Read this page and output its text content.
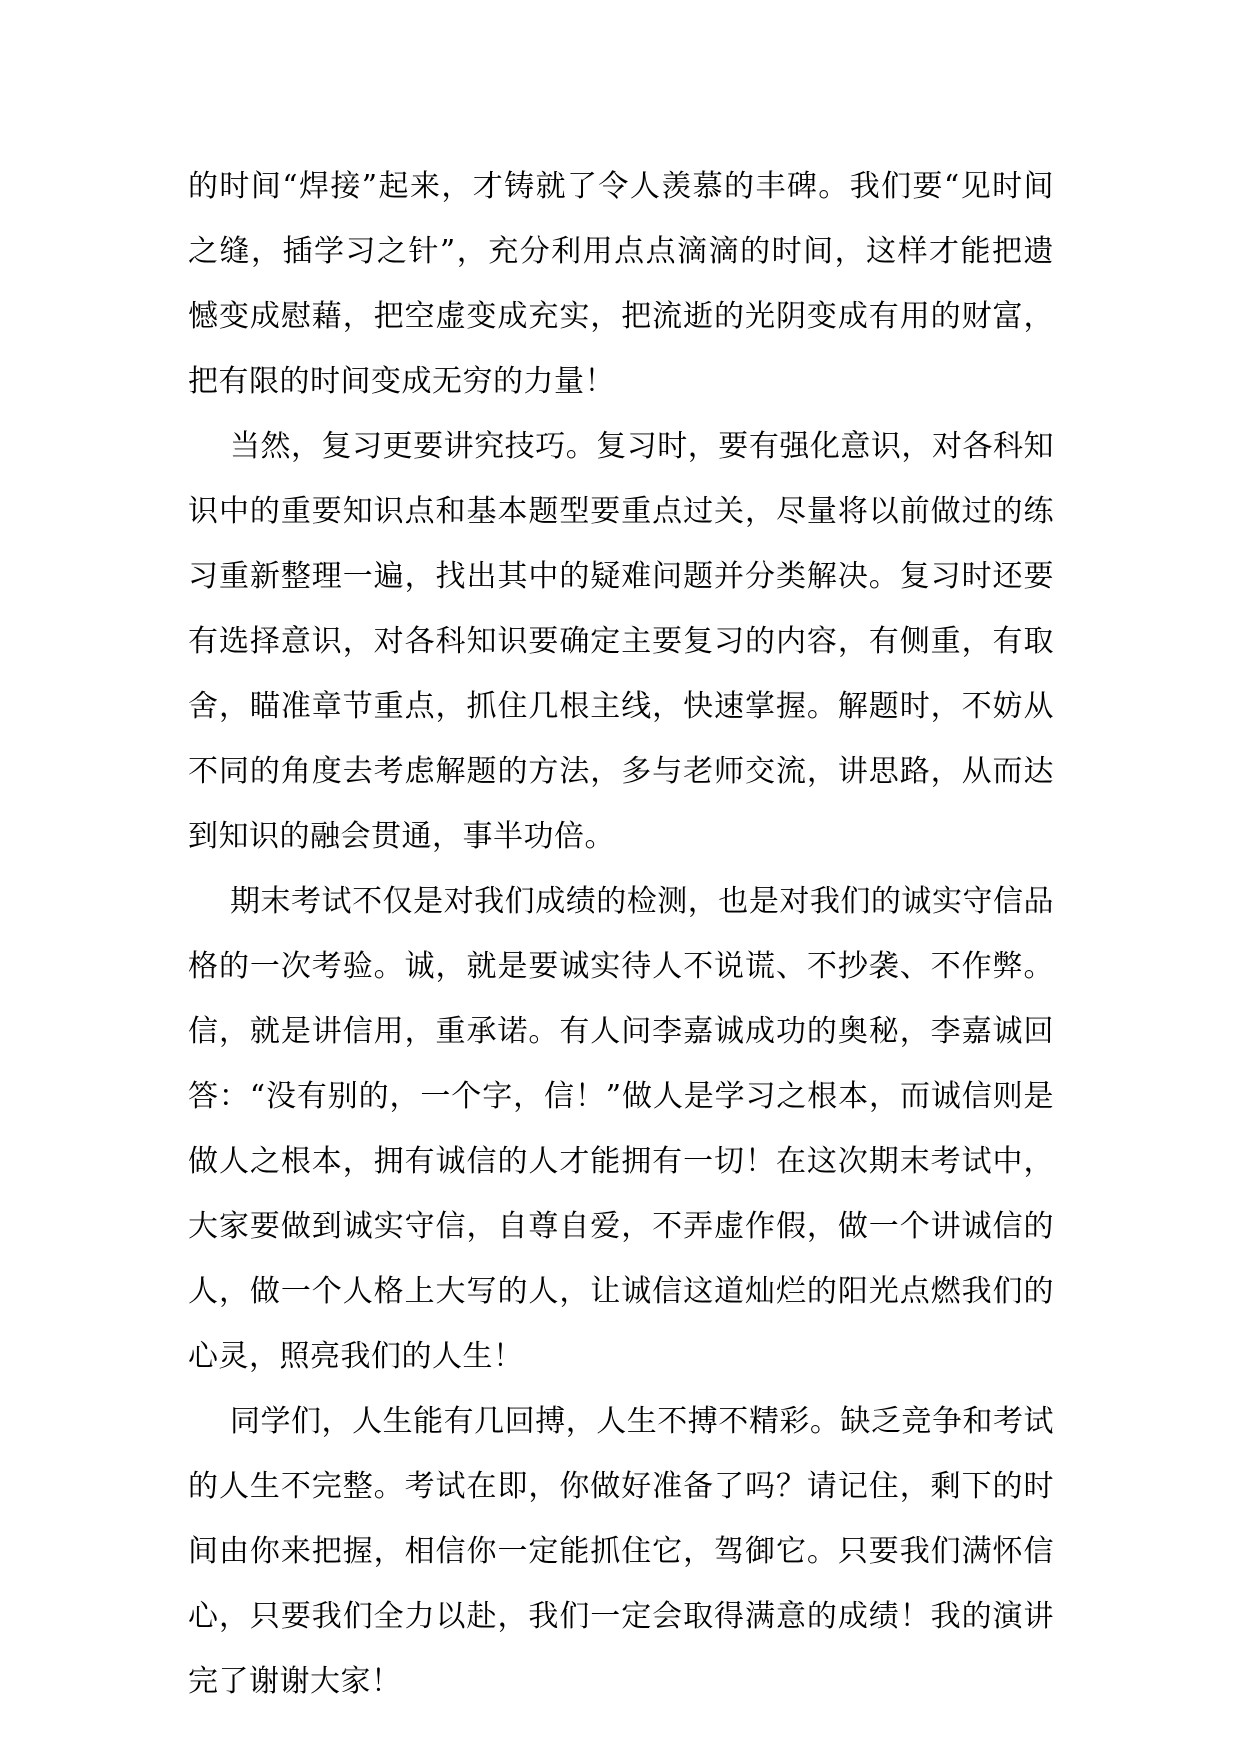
的时间“焊接”起来，才铸就了令人羡慕的丰碑。我们要“见时间之缝，插学习之针”，充分利用点点滴滴的时间，这样才能把遗憾变成慰藉，把空虚变成充实，把流逝的光阴变成有用的财富，把有限的时间变成无穷的力量！

当然，复习更要讲究技巧。复习时，要有强化意识，对各科知识中的重要知识点和基本题型要重点过关，尽量将以前做过的练习重新整理一遍，找出其中的疑难问题并分类解决。复习时还要有选择意识，对各科知识要确定主要复习的内容，有侧重，有取舍，瞄准章节重点，抓住几根主线，快速掌握。解题时，不妨从不同的角度去考虑解题的方法，多与老师交流，讲思路，从而达到知识的融会贯通，事半功倍。

期末考试不仅是对我们成绩的检测，也是对我们的诚实守信品格的一次考验。诚，就是要诚实待人不说谎、不抄袭、不作弊。信，就是讲信用，重承诺。有人问李嘉诚成功的奥秘，李嘉诚回答：“没有别的，一个字，信！”做人是学习之根本，而诚信则是做人之根本，拥有诚信的人才能拥有一切！在这次期末考试中，大家要做到诚实守信，自尊自爱，不弄虚作假，做一个讲诚信的人，做一个人格上大写的人，让诚信这道灿烂的阳光点燃我们的心灵，照亮我们的人生！

同学们，人生能有几回搏，人生不搏不精彩。缺乏竞争和考试的人生不完整。考试在即，你做好准备了吗？请记住，剩下的时间由你来把握，相信你一定能抓住它，驾御它。只要我们满怀信心，只要我们全力以赴，我们一定会取得满意的成绩！我的演讲完了谢谢大家！
